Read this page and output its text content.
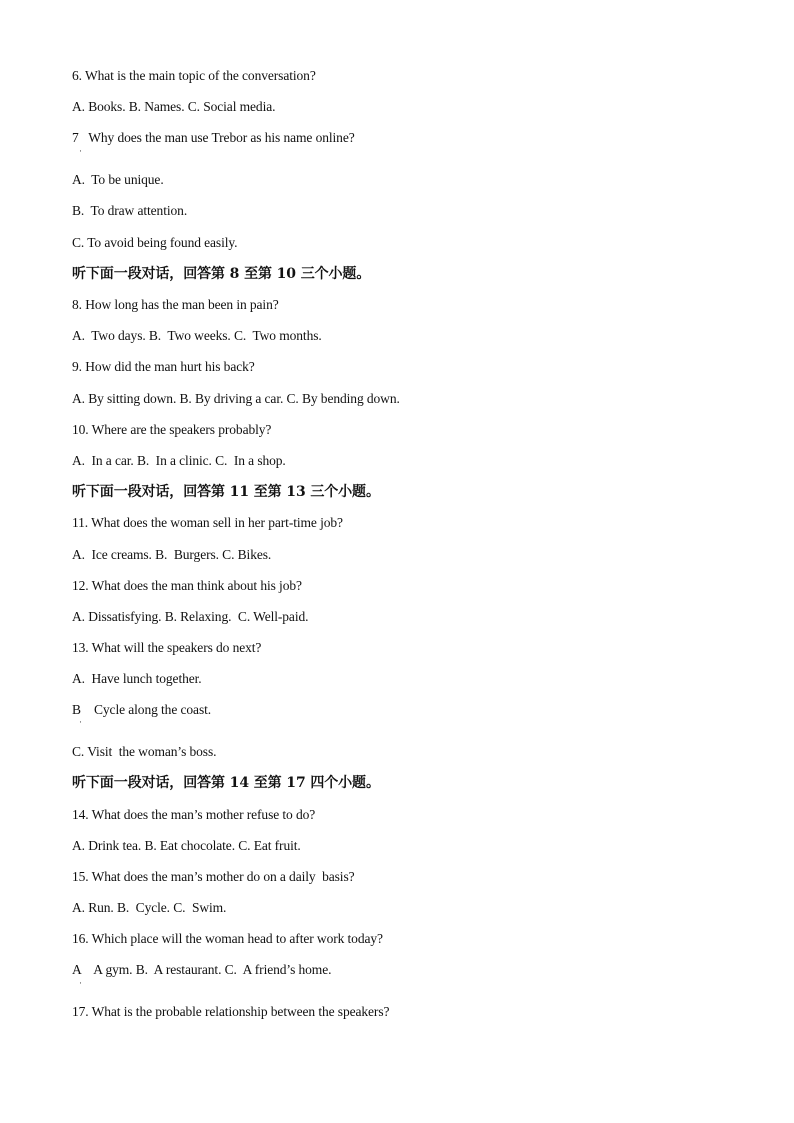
6. What is the main topic of the conversation?
A. Books. B. Names. C. Social media.
7   Why does the man use Trebor as his name online?
·
A.  To be unique.
B.  To draw attention.
C. To avoid being found easily.
听下面一段对话，回答第 8 至第 10 三个小题。
8. How long has the man been in pain?
A.  Two days. B.  Two weeks. C.  Two months.
9. How did the man hurt his back?
A. By sitting down. B. By driving a car. C. By bending down.
10. Where are the speakers probably?
A.  In a car. B.  In a clinic. C.  In a shop.
听下面一段对话，回答第 11 至第 13 三个小题。
11. What does the woman sell in her part-time job?
A.  Ice creams. B.  Burgers. C. Bikes.
12. What does the man think about his job?
A. Dissatisfying. B. Relaxing.  C. Well-paid.
13. What will the speakers do next?
A.  Have lunch together.
B    Cycle along the coast.
·
C. Visit  the woman’s boss.
听下面一段对话，回答第 14 至第 17 四个小题。
14. What does the man’s mother refuse to do?
A. Drink tea. B. Eat chocolate. C. Eat fruit.
15. What does the man’s mother do on a daily  basis?
A. Run. B.  Cycle. C.  Swim.
16. Which place will the woman head to after work today?
A    A gym. B.  A restaurant. C.  A friend’s home.
·
17. What is the probable relationship between the speakers?
